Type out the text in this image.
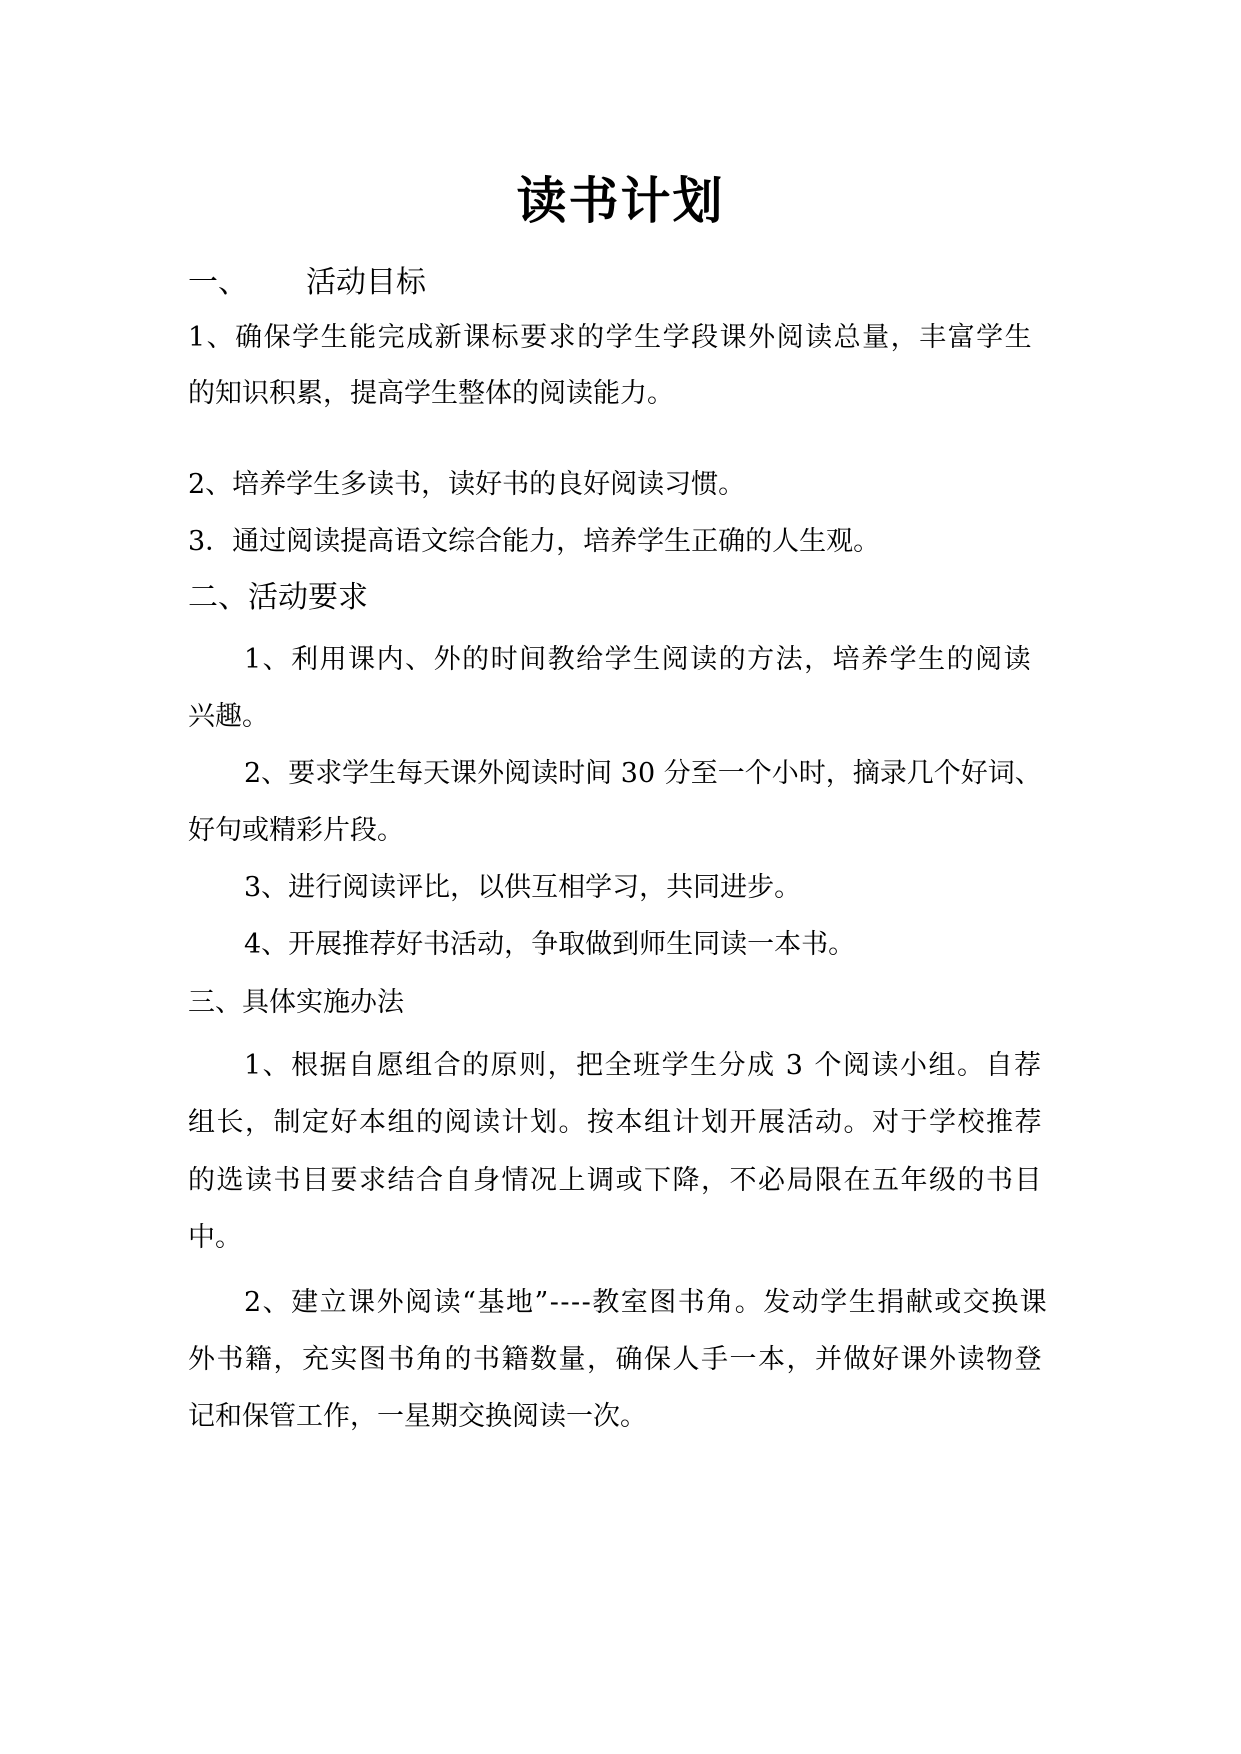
读书计划
一、 活动目标

1、确保学生能完成新课标要求的学生学段课外阅读总量，丰富学生

的知识积累，提高学生整体的阅读能力。

2、培养学生多读书，读好书的良好阅读习惯。

3．通过阅读提高语文综合能力，培养学生正确的人生观。

二、活动要求

1、利用课内、外的时间教给学生阅读的方法，培养学生的阅读

兴趣。

2、要求学生每天课外阅读时间 30 分至一个小时，摘录几个好词、

好句或精彩片段。

3、进行阅读评比，以供互相学习，共同进步。

4、开展推荐好书活动，争取做到师生同读一本书。

三、具体实施办法

1、根据自愿组合的原则，把全班学生分成 3 个阅读小组。自荐

组长，制定好本组的阅读计划。按本组计划开展活动。对于学校推荐

的选读书目要求结合自身情况上调或下降，不必局限在五年级的书目

中。

2、建立课外阅读“基地”----教室图书角。发动学生捐献或交换课

外书籍，充实图书角的书籍数量，确保人手一本，并做好课外读物登

记和保管工作，一星期交换阅读一次。
